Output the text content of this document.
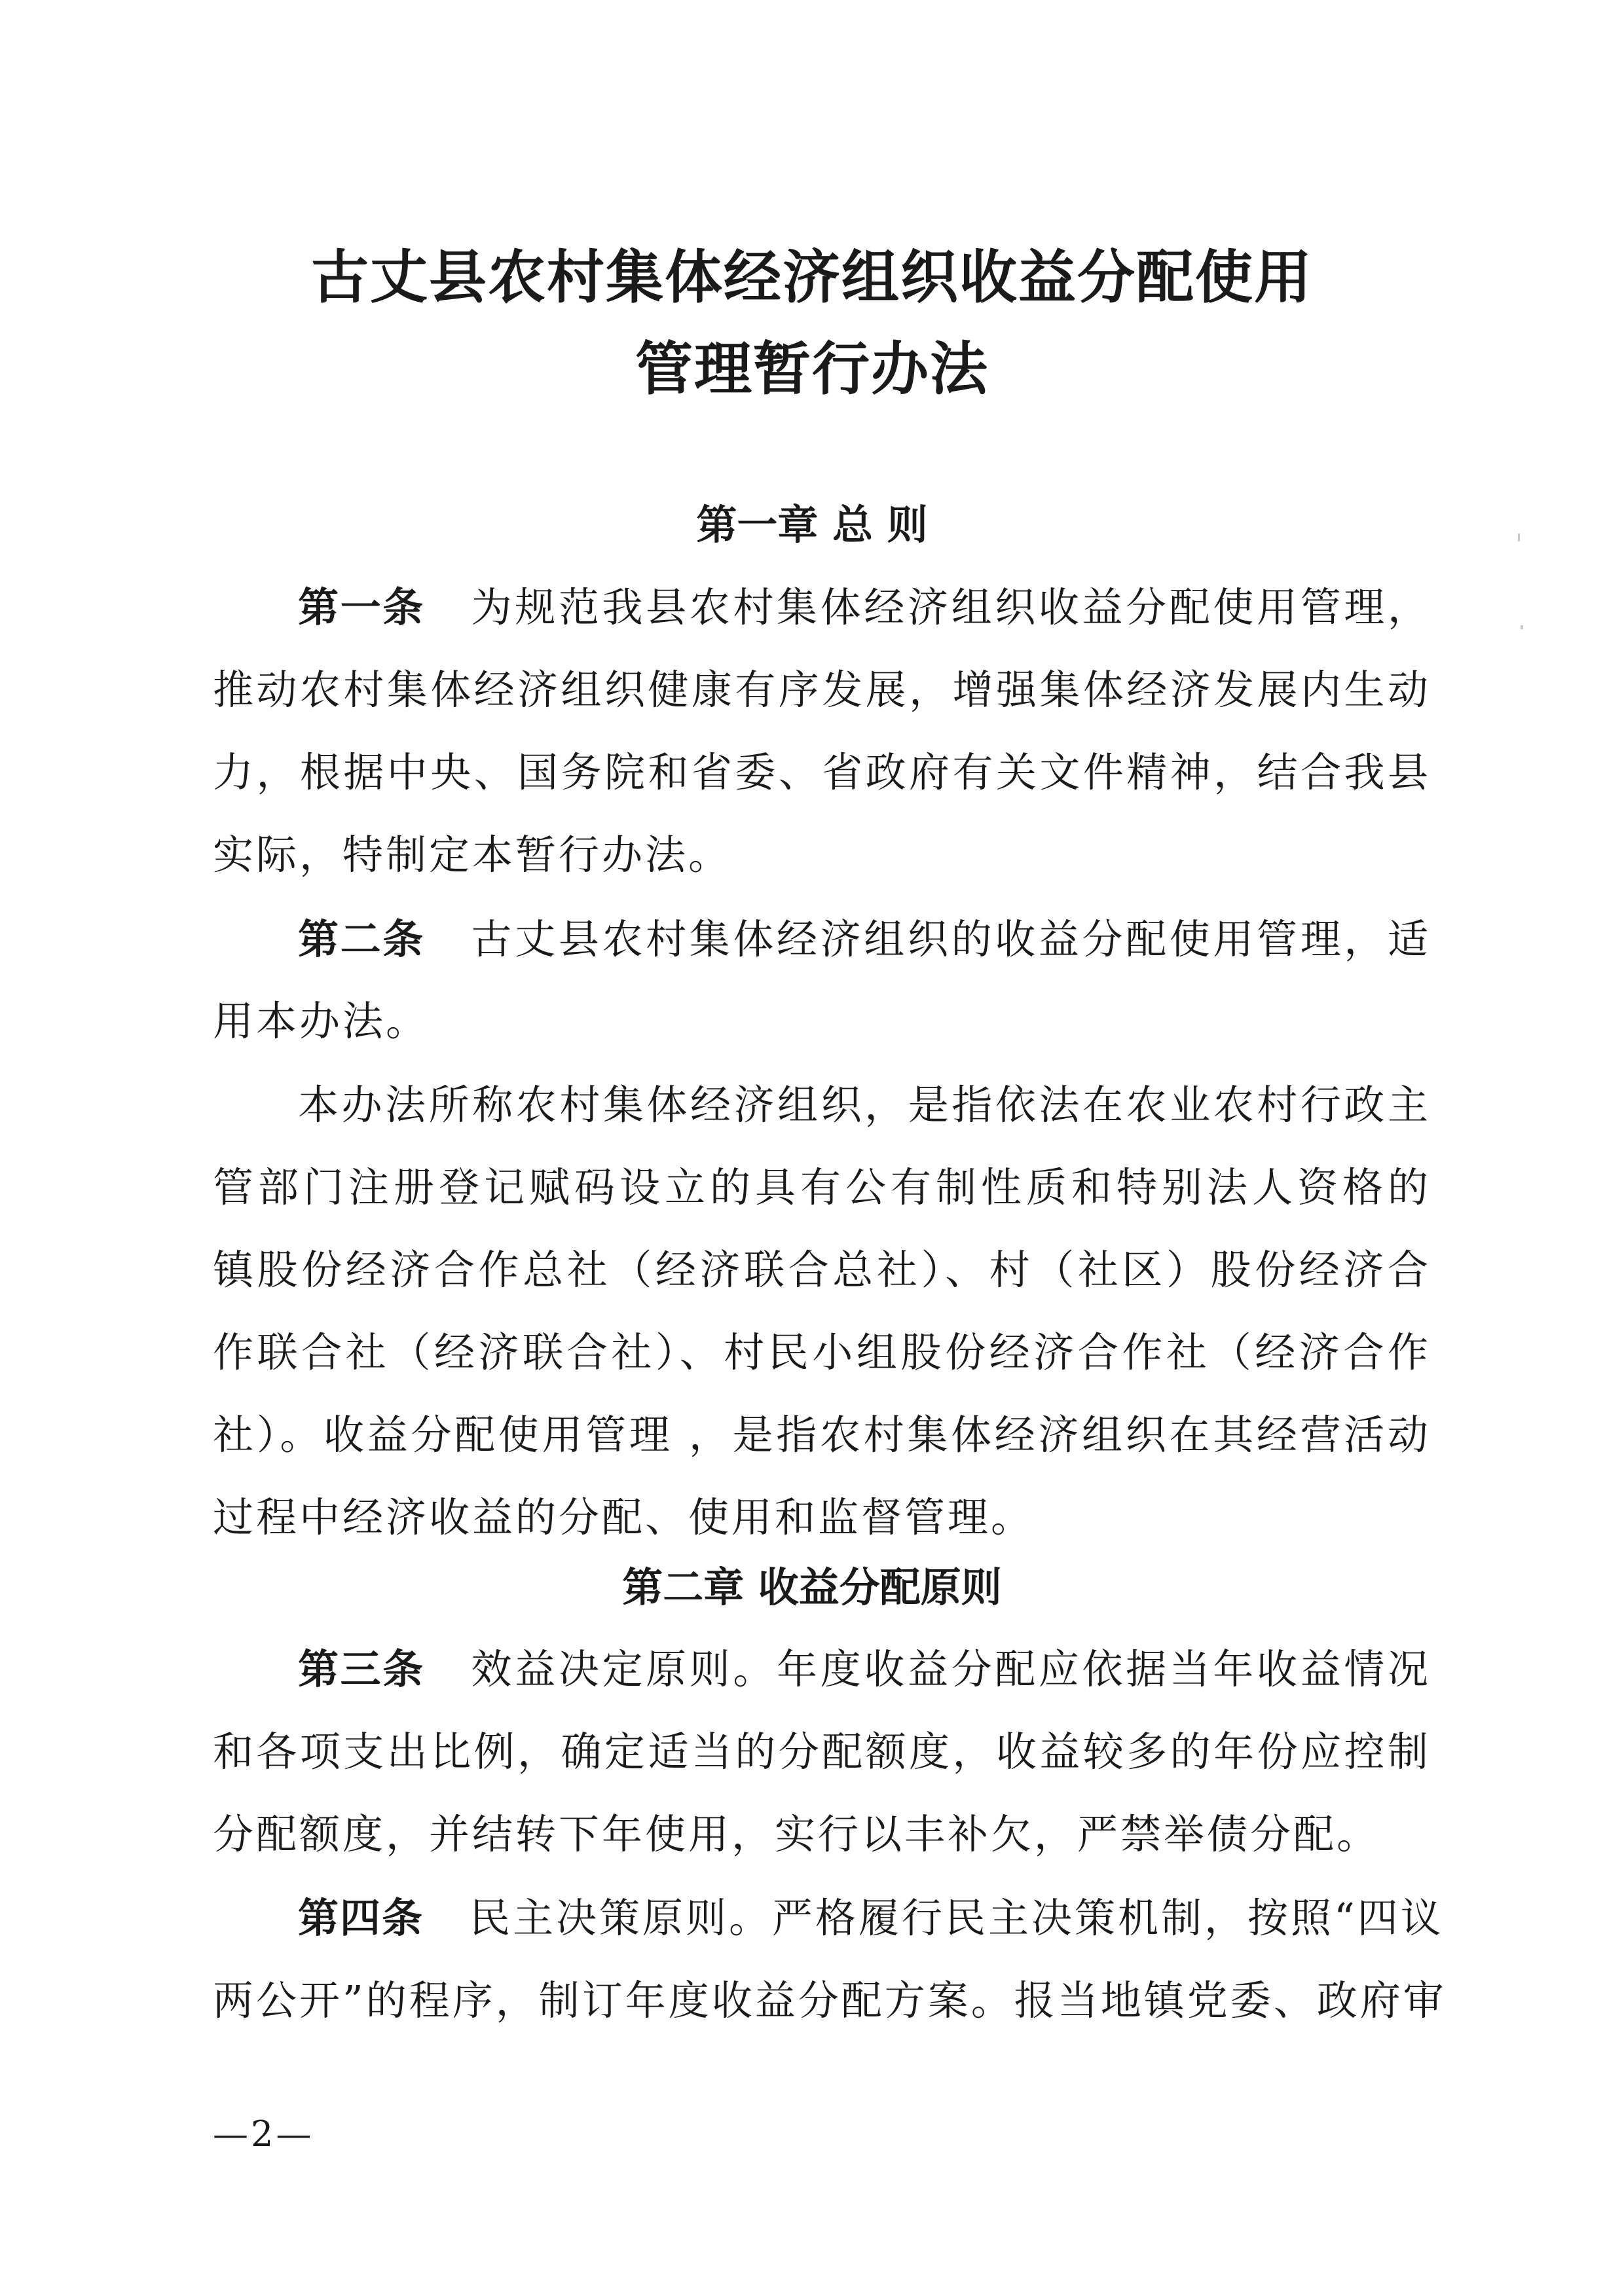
古丈县农村集体经济组织收益分配使用
管理暂行办法
第一章 总 则

第一条 为规范我县农村集体经济组织收益分配使用管理，

推动农村集体经济组织健康有序发展，增强集体经济发展内生动

力，根据中央、国务院和省委、省政府有关文件精神，结合我县

实际，特制定本暂行办法。

第二条 古丈县农村集体经济组织的收益分配使用管理，适

用本办法。

本办法所称农村集体经济组织，是指依法在农业农村行政主

管部门注册登记赋码设立的具有公有制性质和特别法人资格的

镇股份经济合作总社（经济联合总社）、村（社区）股份经济合

作联合社（经济联合社）、村民小组股份经济合作社（经济合作

社）。收益分配使用管理 ，是指农村集体经济组织在其经营活动

过程中经济收益的分配、使用和监督管理。

第二章 收益分配原则

第三条 效益决定原则。年度收益分配应依据当年收益情况

和各项支出比例，确定适当的分配额度，收益较多的年份应控制

分配额度，并结转下年使用，实行以丰补欠，严禁举债分配。

第四条 民主决策原则。严格履行民主决策机制，按照“四议

两公开”的程序，制订年度收益分配方案。报当地镇党委、政府审

—2—
